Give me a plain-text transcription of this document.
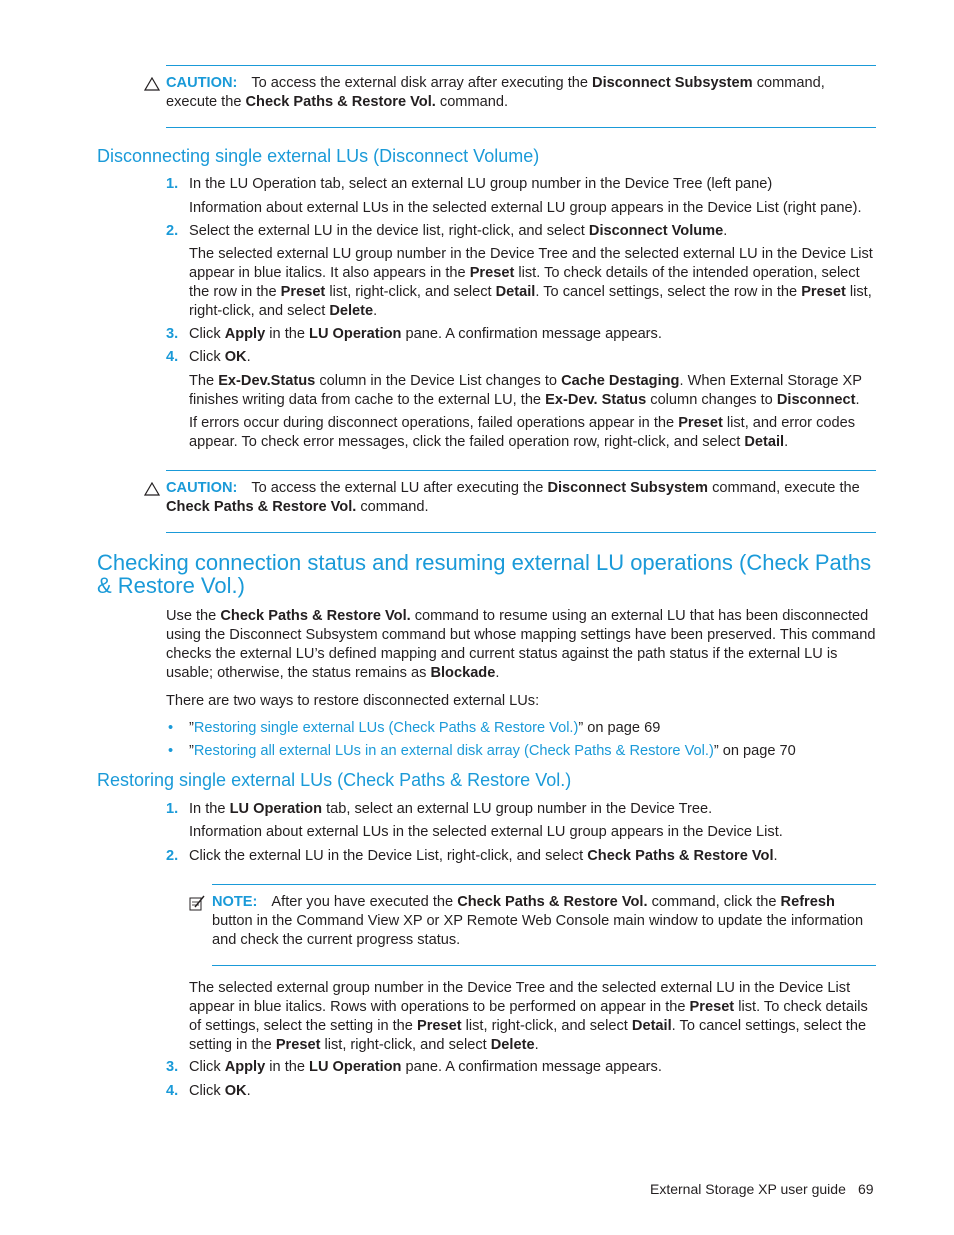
CAUTION: To access the external disk array after executing the Disconnect Subsystem command, execute the Check Paths & Restore Vol. command.

Disconnecting single external LUs (Disconnect Volume)
1. In the LU Operation tab, select an external LU group number in the Device Tree (left pane)

Information about external LUs in the selected external LU group appears in the Device List (right pane).

2. Select the external LU in the device list, right-click, and select Disconnect Volume.

The selected external LU group number in the Device Tree and the selected external LU in the Device List appear in blue italics. It also appears in the Preset list. To check details of the intended operation, select the row in the Preset list, right-click, and select Detail. To cancel settings, select the row in the Preset list, right-click, and select Delete.

3. Click Apply in the LU Operation pane. A confirmation message appears.

4. Click OK.

The Ex-Dev.Status column in the Device List changes to Cache Destaging. When External Storage XP finishes writing data from cache to the external LU, the Ex-Dev. Status column changes to Disconnect.

If errors occur during disconnect operations, failed operations appear in the Preset list, and error codes appear. To check error messages, click the failed operation row, right-click, and select Detail.

CAUTION: To access the external LU after executing the Disconnect Subsystem command, execute the Check Paths & Restore Vol. command.

Checking connection status and resuming external LU operations (Check Paths & Restore Vol.)

Use the Check Paths & Restore Vol. command to resume using an external LU that has been disconnected using the Disconnect Subsystem command but whose mapping settings have been preserved. This command checks the external LU’s defined mapping and current status against the path status if the external LU is usable; otherwise, the status remains as Blockade.

There are two ways to restore disconnected external LUs:

• ”Restoring single external LUs (Check Paths & Restore Vol.)” on page 69
• ”Restoring all external LUs in an external disk array (Check Paths & Restore Vol.)” on page 70
Restoring single external LUs (Check Paths & Restore Vol.)
1. In the LU Operation tab, select an external LU group number in the Device Tree.

Information about external LUs in the selected external LU group appears in the Device List.

2. Click the external LU in the Device List, right-click, and select Check Paths & Restore Vol.

NOTE: After you have executed the Check Paths & Restore Vol. command, click the Refresh button in the Command View XP or XP Remote Web Console main window to update the information and check the current progress status.

The selected external group number in the Device Tree and the selected external LU in the Device List appear in blue italics. Rows with operations to be performed on appear in the Preset list. To check details of settings, select the setting in the Preset list, right-click, and select Detail. To cancel settings, select the setting in the Preset list, right-click, and select Delete.

3. Click Apply in the LU Operation pane. A confirmation message appears.

4. Click OK.

External Storage XP user guide 69
